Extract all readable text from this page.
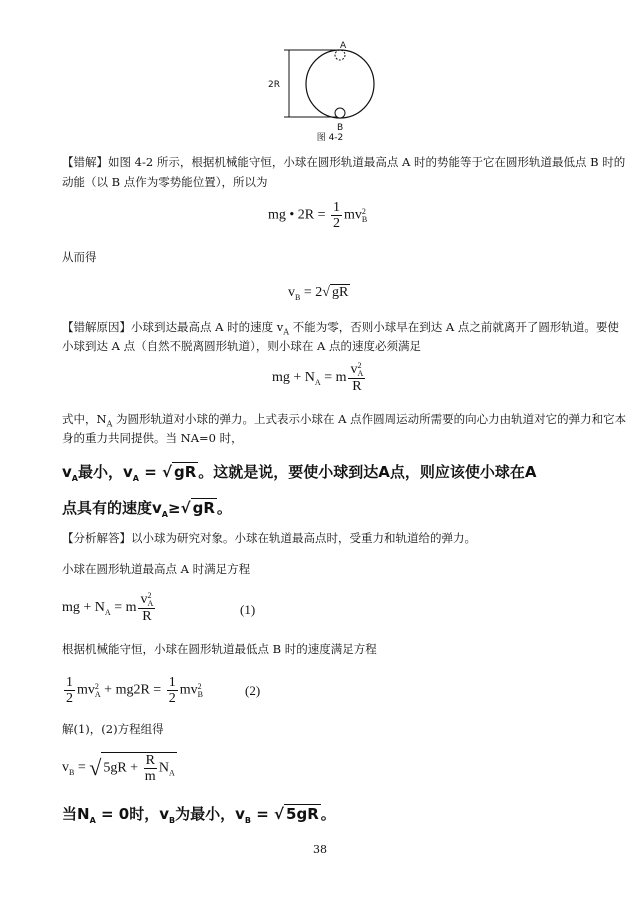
A
B
2R
图 4-2
【错解】如图 4-2 所示，根据机械能守恒，小球在圆形轨道最高点 A 时的势能等于它在圆形轨道最低点 B 时的
动能（以 B 点作为零势能位置），所以为
mg • $2R = \frac{1}{2} mv2$
B
从而得
$v_B = 2√$ gR
【错解原因】小球到达最高点 A 时的速度 $v_A$ 不能为零，否则小球早在到达 A 点之前就离开了圆形轨道。要使
小球到达 A 点（自然不脱离圆形轨道），则小球在 A 点的速度必须满足
mg + $N_A = m$
v2
A
R
式中，$N_A$ 为圆形轨道对小球的弹力。上式表示小球在 A 点作圆周运动所需要的向心力由轨道对它的弹力和它本
身的重力共同提供。当 NA=0 时，
$v_A$最小，$v_A$ = √ gR 。这就是说，要使小球到达A点，则应该使小球在A
点具有的速度$v_A\ge√$ gR 。
【分析解答】以小球为研究对象。小球在轨道最高点时，受重力和轨道给的弹力。
小球在圆形轨道最高点 A 时满足方程
mg + $N_A = m$
v2
A
R	(1)
根据机械能守恒，小球在圆形轨道最低点 B 时的速度满足方程
$\frac{1}{2} mv2$
$A + mg2R = \frac{1}{2} mv2$
B	(2)
解(1)，(2)方程组得
$v_B$ = √ $5gR + \frac{R}{m} N_A$
当$N_A = 0$时，$v_B$为最小，$v_B$ = √ 5gR 。
38
